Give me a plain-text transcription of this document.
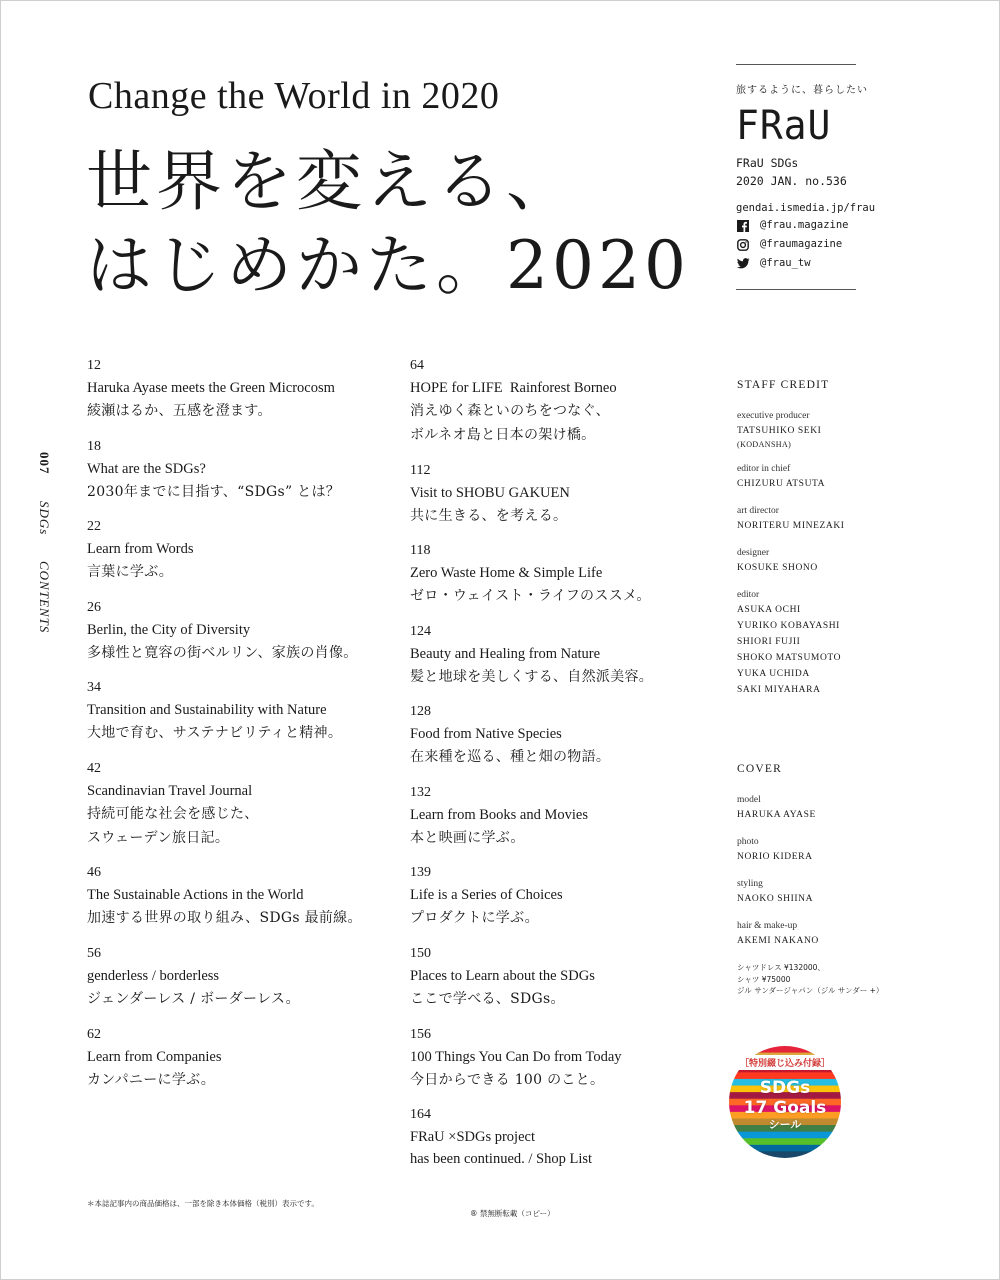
Change the World in 2020
世界を変える、
はじめかた。2020
旅するように、暮らしたい
FRaU
FRaU SDGs
2020 JAN. no.536
gendai.ismedia.jp/frau
@frau.magazine
@fraumagazine
@frau_tw
007 SDGs CONTENTS
12
Haruka Ayase meets the Green Microcosm
綾瀬はるか、五感を澄ます。
18
What are the SDGs?
2030年までに目指す、“SDGs” とは？
22
Learn from Words
言葉に学ぶ。
26
Berlin, the City of Diversity
多様性と寛容の街ベルリン、家族の肖像。
34
Transition and Sustainability with Nature
大地で育む、サステナビリティと精神。
42
Scandinavian Travel Journal
持続可能な社会を感じた、
スウェーデン旅日記。
46
The Sustainable Actions in the World
加速する世界の取り組み、SDGs 最前線。
56
genderless / borderless
ジェンダーレス / ボーダーレス。
62
Learn from Companies
カンパニーに学ぶ。
64
HOPE for LIFE  Rainforest Borneo
消えゆく森といのちをつなぐ、
ボルネオ島と日本の架け橋。
112
Visit to SHOBU GAKUEN
共に生きる、を考える。
118
Zero Waste Home & Simple Life
ゼロ・ウェイスト・ライフのススメ。
124
Beauty and Healing from Nature
髪と地球を美しくする、自然派美容。
128
Food from Native Species
在来種を巡る、種と畑の物語。
132
Learn from Books and Movies
本と映画に学ぶ。
139
Life is a Series of Choices
プロダクトに学ぶ。
150
Places to Learn about the SDGs
ここで学べる、SDGs。
156
100 Things You Can Do from Today
今日からできる 100 のこと。
164
FRaU ×SDGs project
has been continued. / Shop List
STAFF CREDIT
executive producer
TATSUHIKO SEKI
(KODANSHA)
editor in chief
CHIZURU ATSUTA
art director
NORITERU MINEZAKI
designer
KOSUKE SHONO
editor
ASUKA OCHI
YURIKO KOBAYASHI
SHIORI FUJII
SHOKO MATSUMOTO
YUKA UCHIDA
SAKI MIYAHARA
COVER
model
HARUKA AYASE
photo
NORIO KIDERA
styling
NAOKO SHIINA
hair & make-up
AKEMI NAKANO
シャツドレス ¥132000、
シャツ ¥75000
ジル サンダージャパン（ジル サンダー +）
［特別綴じ込み付録］
SDGs
17 Goals
シール
＊本誌記事内の商品価格は、一部を除き本体価格（税別）表示です。
® 禁無断転載（コピー）
